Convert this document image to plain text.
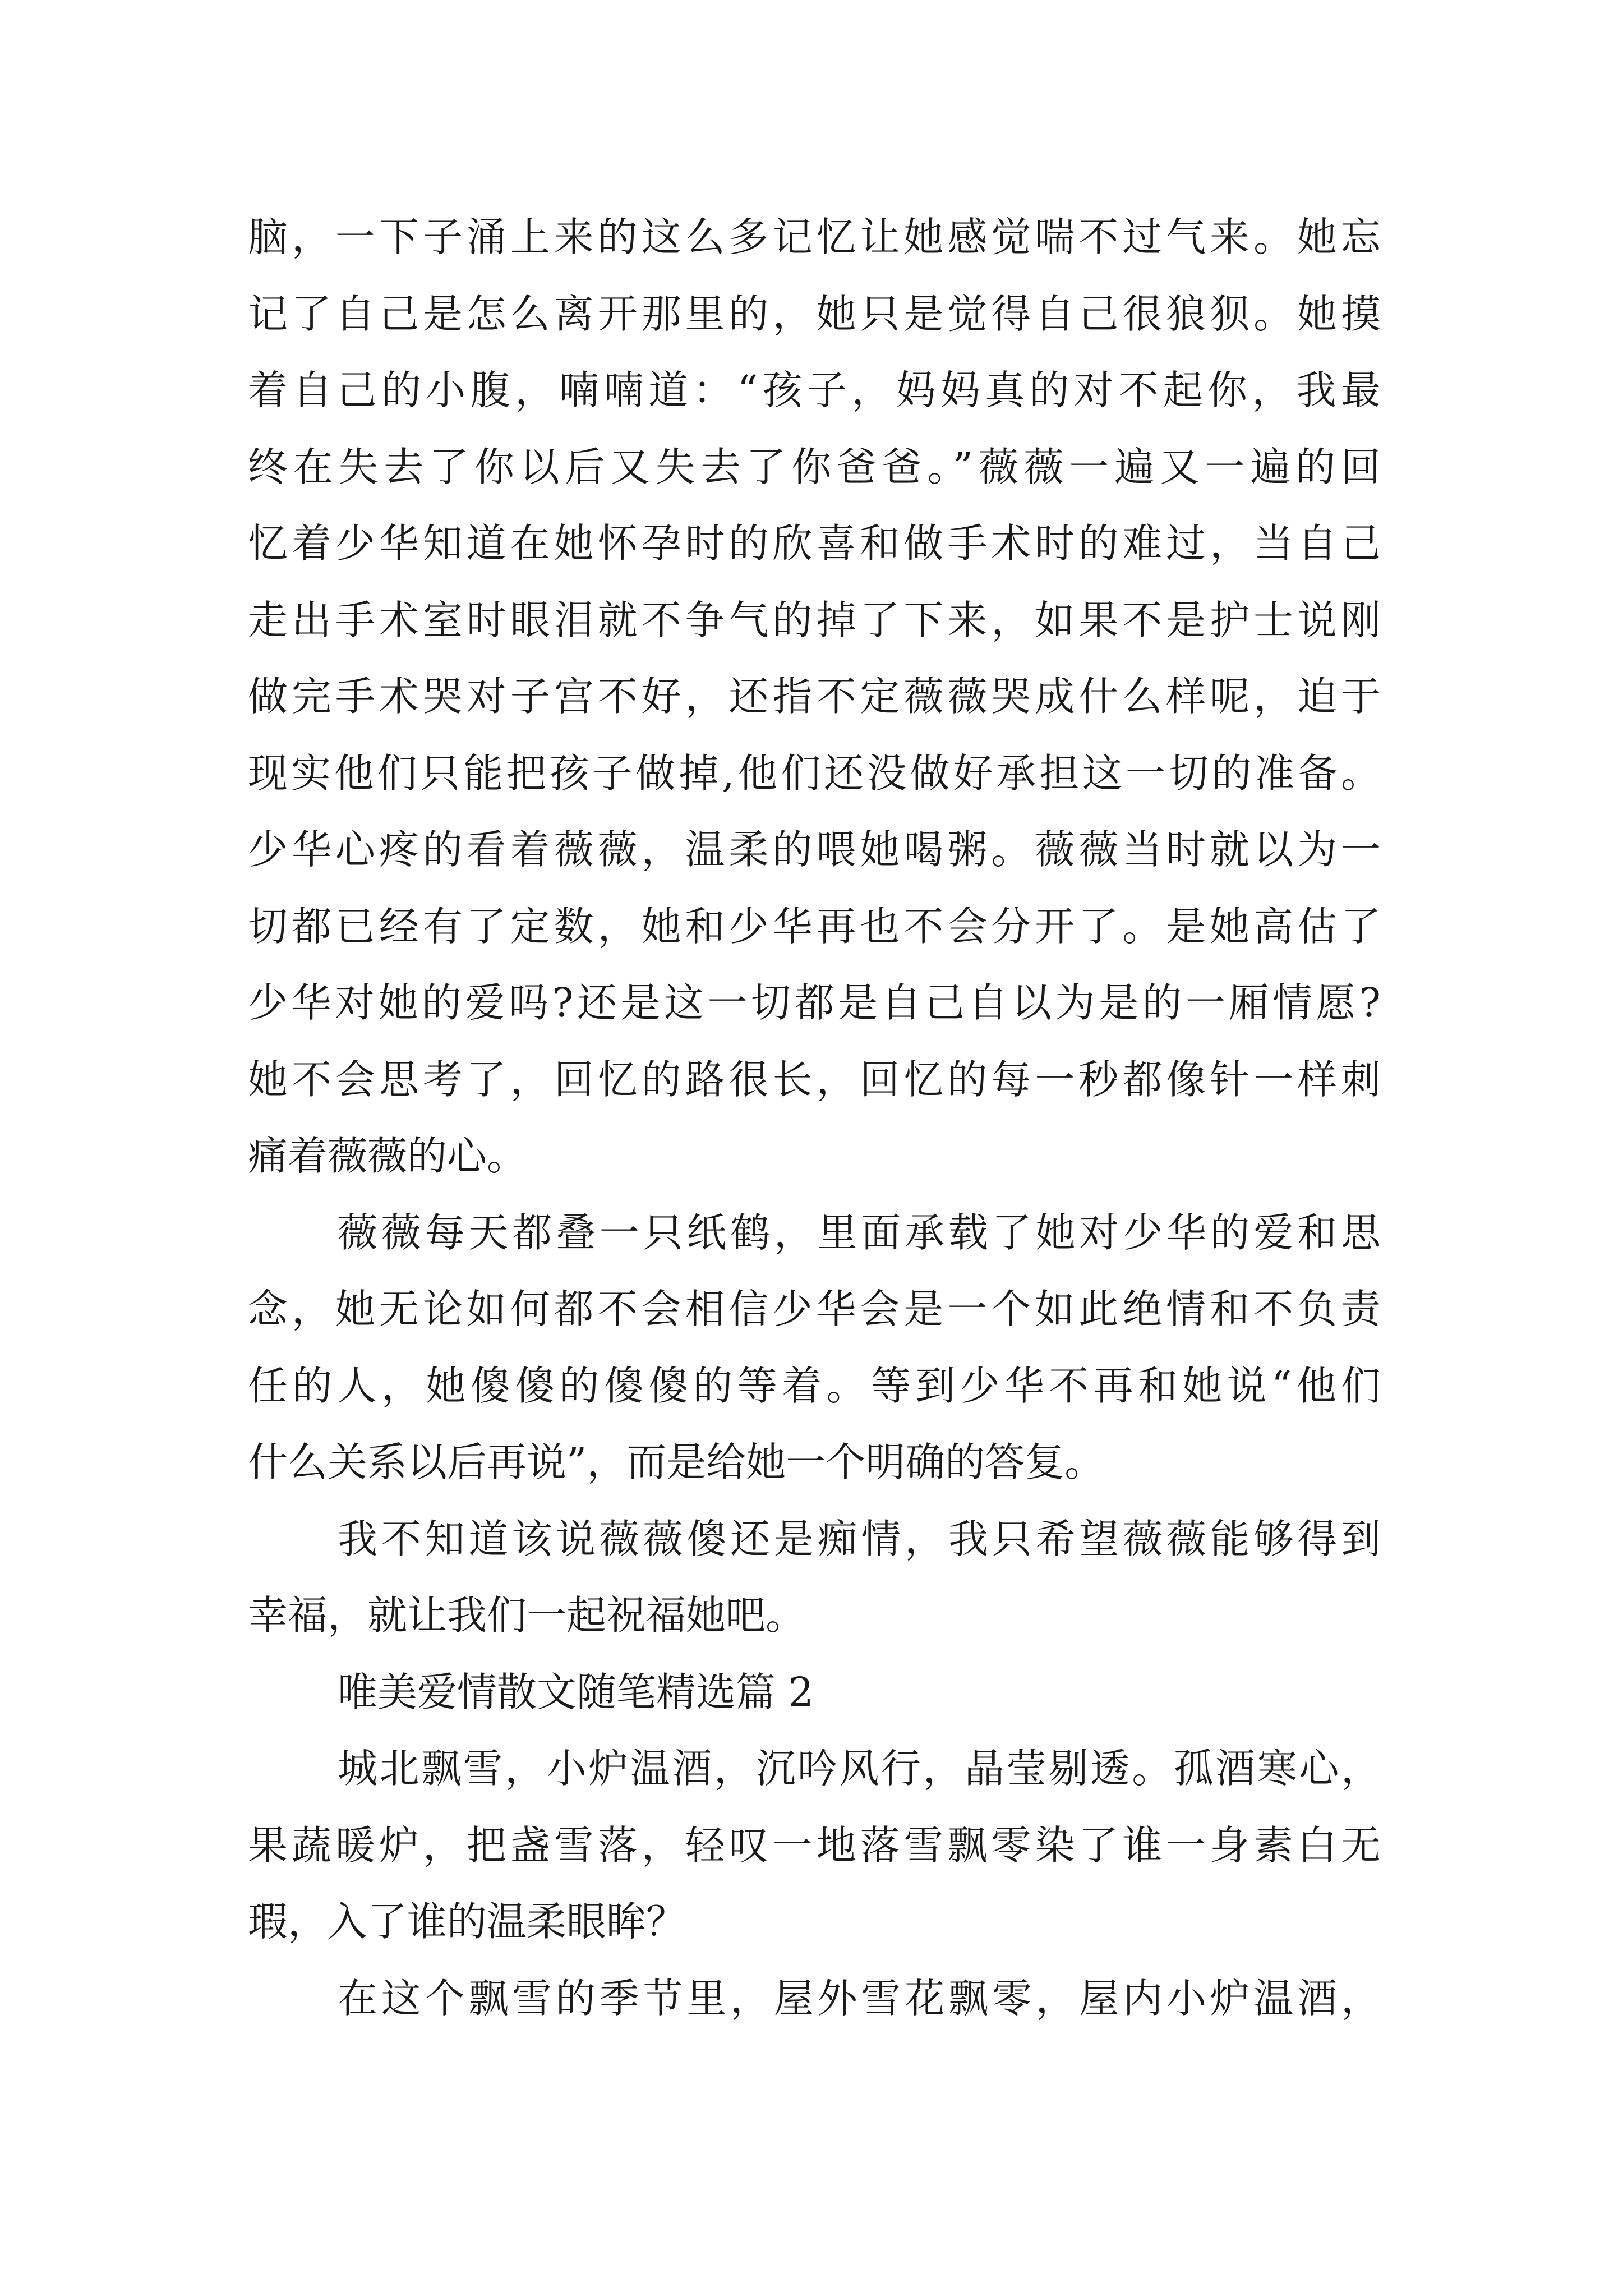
脑，一下子涌上来的这么多记忆让她感觉喘不过气来。她忘
记了自己是怎么离开那里的，她只是觉得自己很狼狈。她摸
着自己的小腹，喃喃道：“孩子，妈妈真的对不起你，我最
终在失去了你以后又失去了你爸爸。”薇薇一遍又一遍的回
忆着少华知道在她怀孕时的欣喜和做手术时的难过，当自己
走出手术室时眼泪就不争气的掉了下来，如果不是护士说刚
做完手术哭对子宫不好，还指不定薇薇哭成什么样呢，迫于
现实他们只能把孩子做掉,他们还没做好承担这一切的准备。
少华心疼的看着薇薇，温柔的喂她喝粥。薇薇当时就以为一
切都已经有了定数，她和少华再也不会分开了。是她高估了
少华对她的爱吗?还是这一切都是自己自以为是的一厢情愿?
她不会思考了，回忆的路很长，回忆的每一秒都像针一样刺
痛着薇薇的心。
薇薇每天都叠一只纸鹤，里面承载了她对少华的爱和思
念，她无论如何都不会相信少华会是一个如此绝情和不负责
任的人，她傻傻的傻傻的等着。等到少华不再和她说“他们
什么关系以后再说”，而是给她一个明确的答复。
我不知道该说薇薇傻还是痴情，我只希望薇薇能够得到
幸福，就让我们一起祝福她吧。
唯美爱情散文随笔精选篇 2
城北飘雪，小炉温酒，沉吟风行，晶莹剔透。孤酒寒心，
果蔬暖炉，把盏雪落，轻叹一地落雪飘零染了谁一身素白无
瑕，入了谁的温柔眼眸？
在这个飘雪的季节里，屋外雪花飘零，屋内小炉温酒，
